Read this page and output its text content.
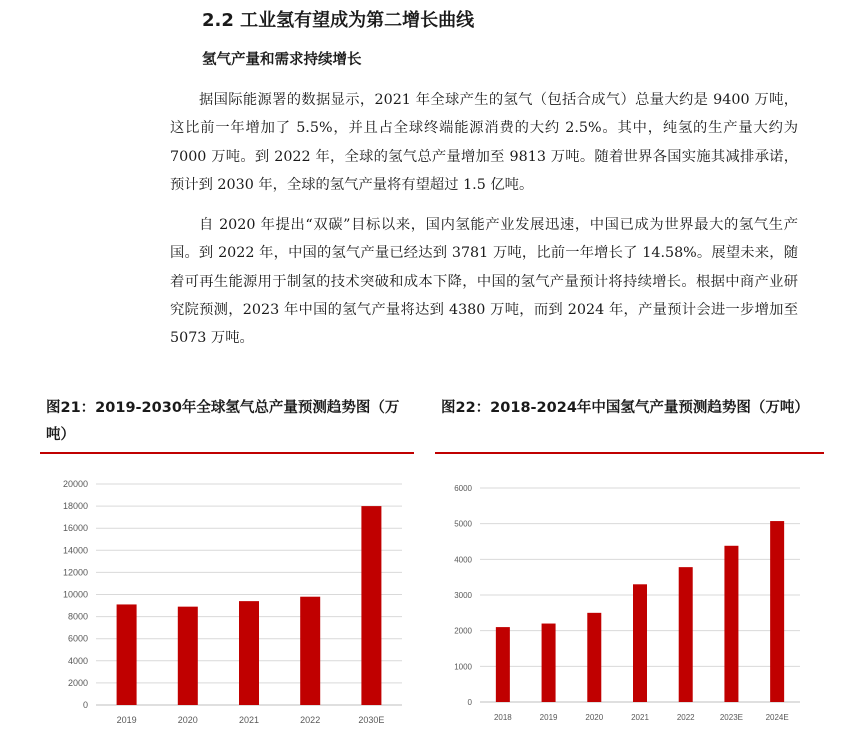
2.2 工业氢有望成为第二增长曲线
氢气产量和需求持续增长

据国际能源署的数据显示，2021 年全球产生的氢气（包括合成气）总量大约是 9400 万吨，这比前一年增加了 5.5%，并且占全球终端能源消费的大约 2.5%。其中，纯氢的生产量大约为 7000 万吨。到 2022 年，全球的氢气总产量增加至 9813 万吨。随着世界各国实施其减排承诺，预计到 2030 年，全球的氢气产量将有望超过 1.5 亿吨。

自 2020 年提出“双碳”目标以来，国内氢能产业发展迅速，中国已成为世界最大的氢气生产国。到 2022 年，中国的氢气产量已经达到 3781 万吨，比前一年增长了 14.58%。展望未来，随着可再生能源用于制氢的技术突破和成本下降，中国的氢气产量预计将持续增长。根据中商产业研究院预测，2023 年中国的氢气产量将达到 4380 万吨，而到 2024 年，产量预计会进一步增加至 5073 万吨。

图21：2019-2030年全球氢气总产量预测趋势图（万吨）

0
2000
4000
6000
8000
10000
12000
14000
16000
18000
20000
2019	2020	2021	2022	2030E

图22：2018-2024年中国氢气产量预测趋势图（万吨）

0
1000
2000
3000
4000
5000
6000
2018	2019	2020	2021	2022	2023E	2024E
